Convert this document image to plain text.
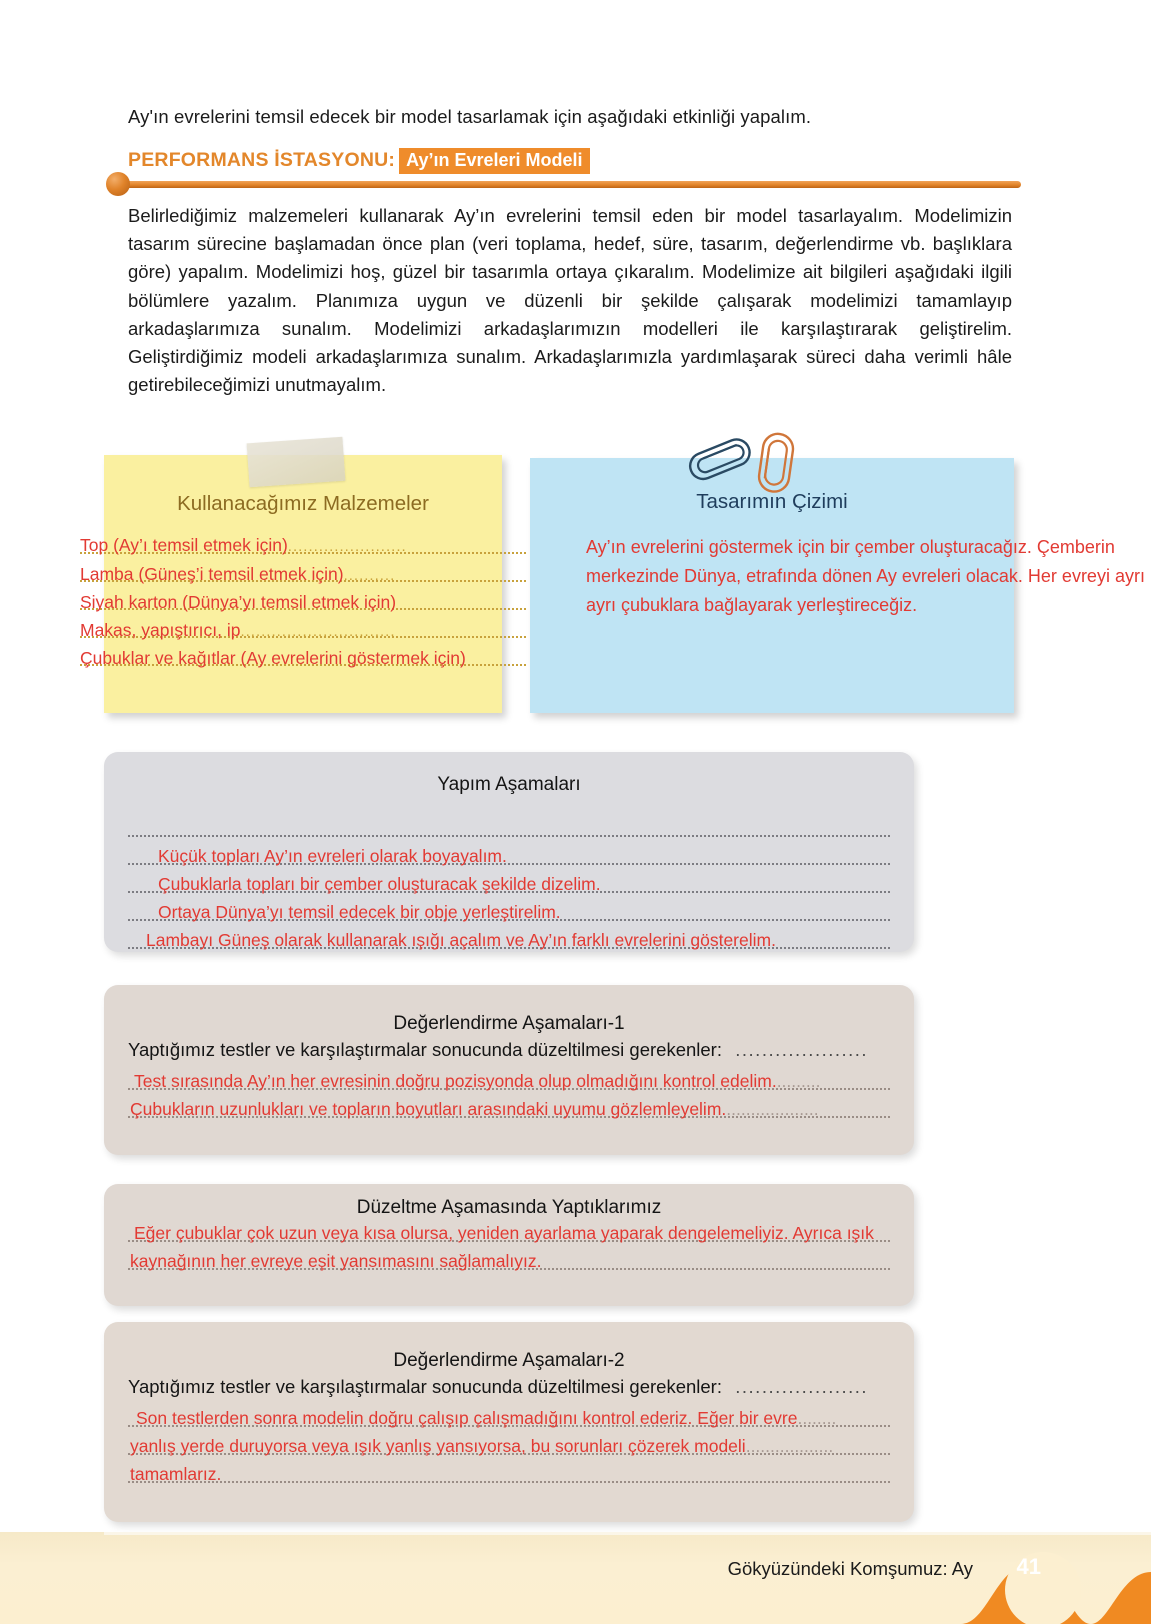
Ay'ın evrelerini temsil edecek bir model tasarlamak için aşağıdaki etkinliği yapalım.
PERFORMANS İSTASYONU: Ay’ın Evreleri Modeli
Belirlediğimiz malzemeleri kullanarak Ay’ın evrelerini temsil eden bir model tasarlayalım. Modelimizin tasarım sürecine başlamadan önce plan (veri toplama, hedef, süre, tasarım, değerlendirme vb. başlıklara göre) yapalım. Modelimizi hoş, güzel bir tasarımla ortaya çıkaralım. Modelimize ait bilgileri aşağıdaki ilgili bölümlere yazalım. Planımıza uygun ve düzenli bir şekilde çalışarak modelimizi tamamlayıp arkadaşlarımıza sunalım. Modelimizi arkadaşlarımızın modelleri ile karşılaştırarak geliştirelim. Geliştirdiğimiz modeli arkadaşlarımıza sunalım. Arkadaşlarımızla yardımlaşarak süreci daha verimli hâle getirebileceğimizi unutmayalım.
Kullanacağımız Malzemeler
Top (Ay’ı temsil etmek için).......................
Lamba (Güneş’i temsil etmek için)..........
Siyah karton (Dünya’yı temsil etmek için)
Makas, yapıştırıcı, ip..............................
Çubuklar ve kağıtlar (Ay evrelerini göstermek için)
Tasarımın Çizimi
Ay’ın evrelerini göstermek için bir çember oluşturacağız. Çemberin merkezinde Dünya, etrafında dönen Ay evreleri olacak. Her evreyi ayrı ayrı çubuklara bağlayarak yerleştireceğiz.
Yapım Aşamaları

Küçük topları Ay’ın evreleri olarak boyayalım.
Çubuklarla topları bir çember oluşturacak şekilde dizelim.
Ortaya Dünya’yı temsil edecek bir obje yerleştirelim.
Lambayı Güneş olarak kullanarak ışığı açalım ve Ay’ın farklı evrelerini gösterelim.
Değerlendirme Aşamaları-1
Yaptığımız testler ve karşılaştırmalar sonucunda düzeltilmesi gerekenler: ....................
Test sırasında Ay’ın her evresinin doğru pozisyonda olup olmadığını kontrol edelim..........
Çubukların uzunlukları ve topların boyutları arasındaki uyumu gözlemleyelim....................
Düzeltme Aşamasında Yaptıklarımız
Eğer çubuklar çok uzun veya kısa olursa, yeniden ayarlama yaparak dengelemeliyiz. Ayrıca ışık
kaynağının her evreye eşit yansımasını sağlamalıyız.
Değerlendirme Aşamaları-2
Yaptığımız testler ve karşılaştırmalar sonucunda düzeltilmesi gerekenler: ....................
Son testlerden sonra modelin doğru çalışıp çalışmadığını kontrol ederiz. Eğer bir evre........
yanlış yerde duruyorsa veya ışık yanlış yansıyorsa, bu sorunları çözerek modeli..................
tamamlarız.
Gökyüzündeki Komşumuz: Ay 41
